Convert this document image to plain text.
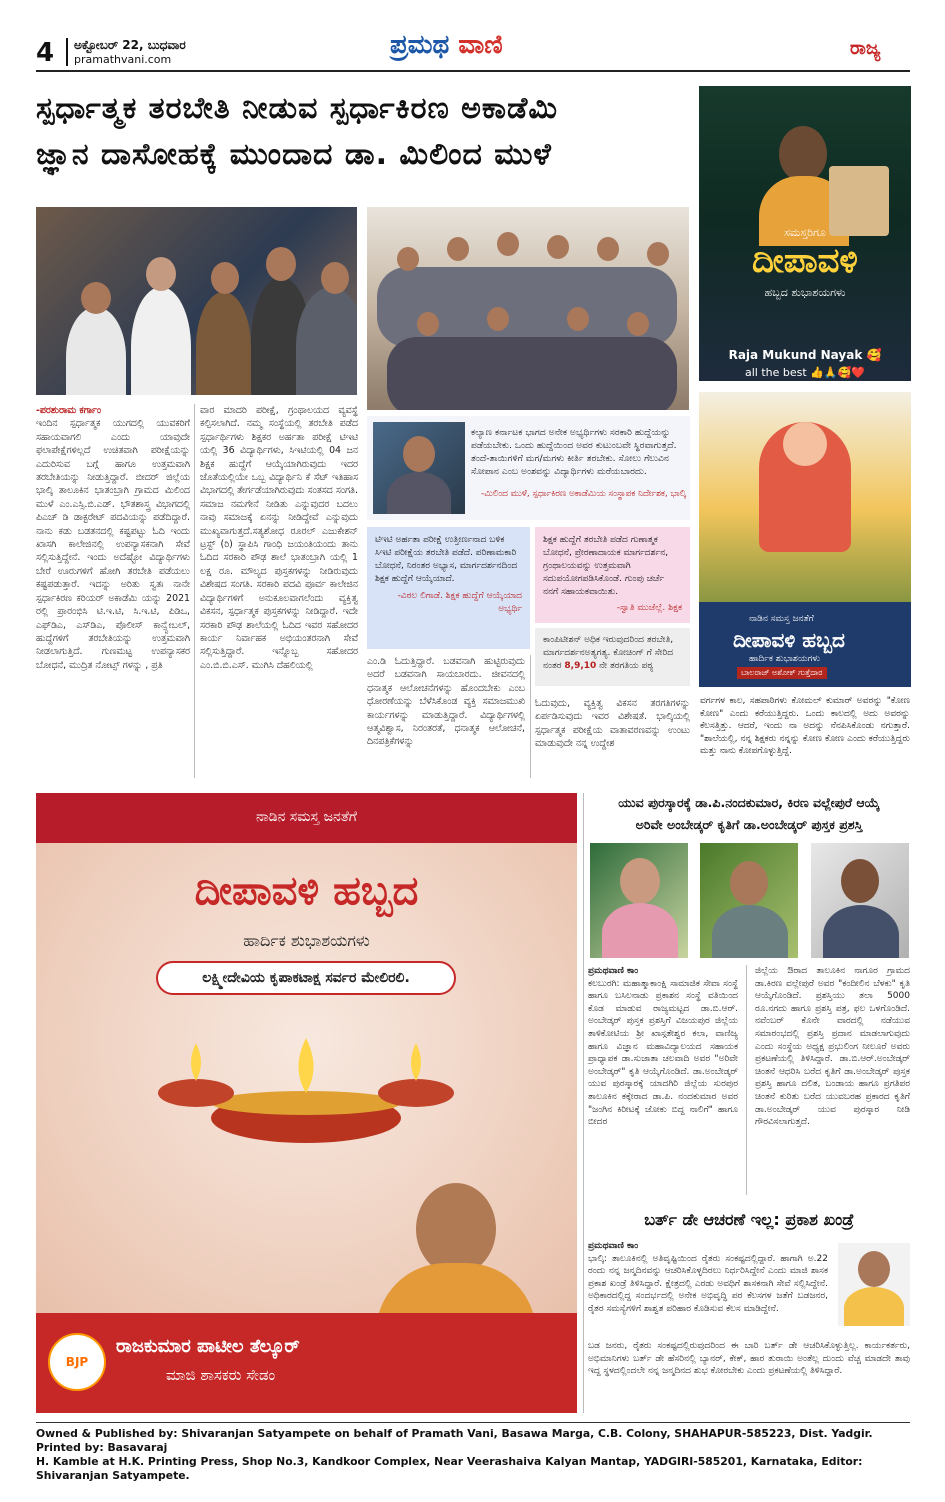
4 ಅಕ್ಟೋಬರ್ 22, ಬುಧವಾರ
pramathvani.com	ಪ್ರಮಥ ವಾಣಿ	ರಾಜ್ಯ
ಸ್ಪರ್ಧಾತ್ಮಕ ತರಬೇತಿ ನೀಡುವ ಸ್ಪರ್ಧಾಕಿರಣ ಅಕಾಡೆಮಿ
ಜ್ಞಾನ ದಾಸೋಹಕ್ಕೆ ಮುಂದಾದ ಡಾ. ಮಿಲಿಂದ ಮುಳೆ
-ಪರಶುರಾಮ ಕರ್ಗಾಂ
ಇಂದಿನ ಸ್ಪರ್ಧಾತ್ಮಕ ಯುಗದಲ್ಲಿ ಯುವಕರಿಗೆ ಸಹಾಯವಾಗಲಿ ಎಂದು ಯಾವುದೇ ಫಲಾಪೇಕ್ಷೆಗಳಿಲ್ಲದೆ ಉಚಿತವಾಗಿ ಪರೀಕ್ಷೆಯನ್ನು ಎದುರಿಸುವ ಬಗ್ಗೆ ಹಾಗೂ ಉತ್ತಮವಾಗಿ ತರಬೇತಿಯನ್ನು ನೀಡುತ್ತಿದ್ದಾರೆ. ಬೀದರ್ ಜಿಲ್ಲೆಯ ಭಾಲ್ಕಿ ತಾಲೂಕಿನ ಭಾತಂಬ್ರಾಗಿ ಗ್ರಾಮದ ಮಿಲಿಂದ ಮುಳೆ ಎಂ.ಎಸ್ಸಿ.ಬಿ.ಎಡ್. ಭೌತಶಾಸ್ತ್ರ ವಿಭಾಗದಲ್ಲಿ ಪಿಎಚ್‌ ಡಿ ಡಾಕ್ಟರೇಟ್ ಪದವಿಯನ್ನು ಪಡೆದಿದ್ದಾರೆ. ನಾನು ಕಡು ಬಡತನದಲ್ಲಿ ಕಷ್ಟಪಟ್ಟು ಓದಿ ಇಂದು ಖಾಸಗಿ ಕಾಲೇಜಿನಲ್ಲಿ ಉಪನ್ಯಾಸಕನಾಗಿ ಸೇವೆ ಸಲ್ಲಿಸುತ್ತಿದ್ದೇನೆ. ಇಂದು ಅದೆಷ್ಟೋ ವಿದ್ಯಾರ್ಥಿಗಳು ಬೇರೆ ಊರುಗಳಿಗೆ ಹೋಗಿ ತರಬೇತಿ ಪಡೆಯಲು ಕಷ್ಟಪಡುತ್ತಾರೆ. ಇದನ್ನು ಅರಿತು ಸ್ವತಃ ನಾನೇ ಸ್ಪರ್ಧಾಕಿರಣ ಕರಿಯರ್ ಅಕಾಡೆಮಿ ಯನ್ನು 2021 ರಲ್ಲಿ ಪ್ರಾರಂಭಿಸಿ ಟಿ.ಇ.ಟಿ, ಸಿ.ಇ.ಟಿ, ಪಿಡಿಒ, ಎಫ್‌ಡಿಎ, ಎಸ್‌ಡಿಎ, ಪೊಲೀಸ್ ಕಾನ್ಸ್ಟೇಬಲ್, ಹುದ್ದೆಗಳಿಗೆ ತರಬೇತಿಯನ್ನು ಉತ್ತಮವಾಗಿ ನೀಡಲಾಗುತ್ತಿದೆ. ಗುಣಮಟ್ಟ ಉಪನ್ಯಾಸಕರ ಬೋಧನೆ, ಮುದ್ರಿತ ನೋಟ್ಸ್ ಗಳನ್ನು , ಪ್ರತಿ
ವಾರ ಮಾದರಿ ಪರೀಕ್ಷೆ, ಗ್ರಂಥಾಲಯದ ವ್ಯವಸ್ಥೆ ಕಲ್ಪಿಸಲಾಗಿದೆ. ನಮ್ಮ ಸಂಸ್ಥೆಯಲ್ಲಿ ತರಬೇತಿ ಪಡೆದ ಸ್ಪರ್ಧಾರ್ಥಿಗಳು ಶಿಕ್ಷಕರ ಅರ್ಹತಾ ಪರೀಕ್ಷೆ ಟಿಇಟಿ ಯಲ್ಲಿ 36 ವಿದ್ಯಾರ್ಥಿಗಳು, ಸಿಇಟಿಯಲ್ಲಿ 04 ಜನ ಶಿಕ್ಷಕ ಹುದ್ದೆಗೆ ಆಯ್ಕೆಯಾಗಿರುವುದು ಇದರ ಜೊತೆಯಲ್ಲಿಯೇ ಒಬ್ಬ ವಿದ್ಯಾರ್ಥಿನಿ ಕೆ ಸೆಟ್ ಇತಿಹಾಸ ವಿಭಾಗದಲ್ಲಿ ತೇರ್ಗಡೆಯಾಗಿರುವುದು ಸಂತಸದ ಸಂಗತಿ. ಸಮಾಜ ನಮಗೇನೆ ನೀಡಿತು ಎನ್ನುವುದರ ಬದಲು ನಾವು ಸಮಾಜಕ್ಕೆ ಏನನ್ನು ನೀಡಿದ್ದೇವೆ ಎನ್ನುವುದು ಮುಖ್ಯವಾಗುತ್ತದೆ.ಸತ್ಯಶೋಧ ರೂರಲ್ ಎಜುಕೇಶನ್ ಟ್ರಸ್ಟ್ (ರಿ) ಸ್ಥಾಪಿಸಿ ಗಾಂಧಿ ಜಯಂತಿಯಂದು ತಾನು ಓದಿದ ಸರಕಾರಿ ಪೌಢ ಶಾಲೆ ಭಾತಂಬ್ರಾಗಿ ಯಲ್ಲಿ 1 ಲಕ್ಷ ರೂ. ಮೌಲ್ಯದ ಪುಸ್ತಕಗಳನ್ನು ನೀಡಿರುವುದು ವಿಶೇಷದ ಸಂಗತಿ. ಸರಕಾರಿ ಪದವಿ ಪೂರ್ವ ಕಾಲೇಜಿನ ವಿದ್ಯಾರ್ಥಿಗಳಿಗೆ ಅನುಕೂಲವಾಗಲೆಂದು ವ್ಯಕ್ತಿತ್ವ ವಿಕಸನ, ಸ್ಪರ್ಧಾತ್ಮಕ ಪುಸ್ತಕಗಳನ್ನು ನೀಡಿದ್ದಾರೆ. ಇದೇ ಸರಕಾರಿ ಪೌಢ ಶಾಲೆಯಲ್ಲಿ ಓದಿದ ಇವರ ಸಹೋದರ ಕಾರ್ಯ ನಿರ್ವಾಹಕ ಅಭಿಯಂತರನಾಗಿ ಸೇವೆ ಸಲ್ಲಿಸುತ್ತಿದ್ದಾರೆ. ಇನ್ನೊಬ್ಬ ಸಹೋದರ ಎಂ.ಬಿ.ಬಿ.ಎಸ್. ಮುಗಿಸಿ ದೆಹಲಿಯಲ್ಲಿ
ಕಲ್ಯಾಣ ಕರ್ನಾಟಕ ಭಾಗದ ಅನೇಕ ಅಭ್ಯರ್ಥಿಗಳು ಸರಕಾರಿ ಹುದ್ದೆಯನ್ನು ಪಡೆಯಬೇಕು. ಒಂದು ಹುದ್ದೆಯಿಂದ ಅವರ ಕುಟುಂಬವೇ ಸ್ಥಿರವಾಗುತ್ತದೆ. ತಂದೆ-ತಾಯಿಗಳಿಗೆ ಮಗ/ಮಗಳು ಕೀರ್ತಿ ತರಬೇಕು. ಸೋಲು ಗೆಲುವಿನ ಸೋಪಾನ ಎಂಬ ಅಂಶವನ್ನು ವಿದ್ಯಾರ್ಥಿಗಳು ಮರೆಯಬಾರದು.
-ಮಿಲಿಂದ ಮುಳೆ, ಸ್ಪರ್ಧಾಕಿರಣ ಅಕಾಡೆಮಿಯ ಸಂಸ್ಥಾಪಕ ನಿರ್ದೇಶಕ, ಭಾಲ್ಕಿ
ಟಿಇಟಿ ಅರ್ಹತಾ ಪರೀಕ್ಷೆ ಉತ್ತೀರ್ಣನಾದ ಬಳಿಕ ಸಿಇಟಿ ಪರೀಕ್ಷೆಯ ತರಬೇತಿ ಪಡೆದೆ. ಪರಿಣಾಮಕಾರಿ ಬೋಧನೆ, ನಿರಂತರ ಅಭ್ಯಾಸ, ಮಾರ್ಗದರ್ಶನದಿಂದ ಶಿಕ್ಷಕ ಹುದ್ದೆಗೆ ಆಯ್ಕೆಯಾದೆ.
-ವಿಠಲ ಲಿಗಾಡೆ. ಶಿಕ್ಷಕ ಹುದ್ದೆಗೆ ಆಯ್ಕೆಯಾದ ಅಭ್ಯರ್ಥಿ
ಶಿಕ್ಷಕ ಹುದ್ದೆಗೆ ತರಬೇತಿ ಪಡೆದ ಗುಣಾತ್ಮಕ ಬೋಧನೆ, ಪ್ರೇರಣಾದಾಯಕ ಮಾರ್ಗದರ್ಶನ, ಗ್ರಂಥಾಲಯವನ್ನು ಉತ್ತಮವಾಗಿ ಸದುಪಯೋಗಪಡಿಸಿಕೊಂಡೆ. ಗುಂಪು ಚರ್ಚೆ ನನಗೆ ಸಹಾಯಕವಾಯಿತು.
-ಸ್ವಾತಿ ಮುಜೆಲ್ಲೆ. ಶಿಕ್ಷಕ
ಕಾಂಪಿಟೀಶನ್ ಅಧಿಕ ಇರುವುದರಿಂದ ತರಬೇತಿ, ಮಾರ್ಗದರ್ಶನಅತ್ಯಗತ್ಯ. ಕೋಚಿಂಗ್ ಗೆ ಸೇರಿದ ನಂತರ 8,9,10 ನೇ ತರಗತಿಯ ಪಠ್ಯ
ಎಂ.ಡಿ ಓದುತ್ತಿದ್ದಾರೆ. ಬಡವನಾಗಿ ಹುಟ್ಟಿರುವುದು ಅದರೆ ಬಡವನಾಗಿ ಸಾಯಬಾರದು. ಜೀವನದಲ್ಲಿ ಧನಾತ್ಮಕ ಆಲೋಚನೆಗಳನ್ನು ಹೊಂದಬೇಕು ಎಂಬ ಧೋರಣೆಯನ್ನು ಬೆಳೆಸಿಕೊಂಡ ವ್ಯಕ್ತಿ ಸಮಾಜಮುಖಿ ಕಾರ್ಯಗಳನ್ನು ಮಾಡುತ್ತಿದ್ದಾರೆ. ವಿದ್ಯಾರ್ಥಿಗಳಲ್ಲಿ ಆತ್ಮವಿಶ್ವಾಸ, ನಿರಂತರತೆ, ಧನಾತ್ಮಕ ಆಲೋಚನೆ, ದಿನಪತ್ರಿಕೆಗಳನ್ನು
ಓದುವುದು, ವ್ಯಕ್ತಿತ್ವ ವಿಕಸನ ತರಗತಿಗಳನ್ನು ಏರ್ಪಡಿಸುವುದು ಇವರ ವಿಶೇಷತೆ. ಭಾಲ್ಕಿಯಲ್ಲಿ ಸ್ಪರ್ಧಾತ್ಮಕ ಪರೀಕ್ಷೆಯ ವಾತಾವರಣವನ್ನು ಉಂಟು ಮಾಡುವುದೇ ನನ್ನ ಉದ್ದೇಶ
ಸಮಸ್ತರಿಗೂ
ದೀಪಾವಳಿ
ಹಬ್ಬದ ಶುಭಾಶಯಗಳು
Raja Mukund Nayak 🥰
all the best 👍🙏🥰❤️
ನಾಡಿನ ಸಮಸ್ತ ಜನತೆಗೆ
ದೀಪಾವಳಿ ಹಬ್ಬದ
ಹಾರ್ದಿಕ ಶುಭಾಶಯಗಳು
ಬಾಲರಾಜ್ ಅಶೋಕ್ ಗುತ್ತೆದಾರ
ವರ್ಗಗಳ ಕಾಲ, ಸಹಪಾಠಿಗಳು ಕೋಮಲ್ ಕುಮಾರ್ ಅವರನ್ನು "ಕೋಣ ಕೋಣ" ಎಂದು ಕರೆಯುತ್ತಿದ್ದರು. ಒಂದು ಕಾಲದಲ್ಲಿ ಅದು ಅವರನ್ನು ಕೆಲಸತ್ತಿತ್ತು. ಆದರೆ, ಇಂದು ನಾ ಅದನ್ನು ನೆನಪಿಸಿಕೊಂಡು ನಗುತ್ತಾರೆ. "ಶಾಲೆಯಲ್ಲಿ, ನನ್ನ ಶಿಕ್ಷಕರು ನನ್ನನ್ನು ಕೋಣ ಕೋಣ ಎಂದು ಕರೆಯುತ್ತಿದ್ದರು ಮತ್ತು ನಾನು ಕೋಪಗೊಳ್ಳುತ್ತಿದ್ದೆ.
ನಾಡಿನ ಸಮಸ್ತ ಜನತೆಗೆ
ದೀಪಾವಳಿ ಹಬ್ಬದ
ಹಾರ್ದಿಕ ಶುಭಾಶಯಗಳು
ಲಕ್ಷ್ಮೀದೇವಿಯ ಕೃಪಾಕಟಾಕ್ಷ ಸರ್ವರ ಮೇಲಿರಲಿ.
BJP
ರಾಜಕುಮಾರ ಪಾಟೀಲ ತೆಲ್ಕೂರ್
ಮಾಜಿ ಶಾಸಕರು ಸೇಡಂ
ಯುವ ಪುರಸ್ಕಾರಕ್ಕೆ ಡಾ.ಪಿ.ನಂದಕುಮಾರ, ಕಿರಣ ವಲ್ಲೇಪುರೆ ಆಯ್ಕೆ
ಅರಿವೇ ಅಂಬೇಡ್ಕರ್ ಕೃತಿಗೆ ಡಾ.ಅಂಬೇಡ್ಕರ್ ಪುಸ್ತಕ ಪ್ರಶಸ್ತಿ
ಪ್ರಮಥವಾಣಿ ಕಾಂ
ಕಲಬುರಗಿ: ಮಹಾತ್ಮಾಕಾಂಕ್ಷಿ ಸಾಮಾಜಿಕ ಸೇವಾ ಸಂಸ್ಥೆ ಹಾಗೂ ಬಸಿಲನಾಡು ಪ್ರಕಾಶನ ಸಂಸ್ಥೆ ವತಿಯಿಂದ ಕೊಡ ಮಾಡುವ ರಾಜ್ಯಮಟ್ಟದ ಡಾ.ಬಿ.ಆರ್. ಅಂಬೇಡ್ಕರ್ ಪುಸ್ತಕ ಪ್ರಶಸ್ತಿಗೆ ವಿಜಯಪುರ ಜಿಲ್ಲೆಯ ತಾಳಿಕೋಟಿಯ ಶ್ರೀ ಖಾಸ್ಗತೇಶ್ವರ ಕಲಾ, ವಾಣಿಜ್ಯ ಹಾಗೂ ವಿಜ್ಞಾನ ಮಹಾವಿದ್ಯಾಲಯದ ಸಹಾಯಕ ಪ್ರಾಧ್ಯಾಪಕ ಡಾ.ಸುಜಾತಾ ಚಲವಾದಿ ಅವರ "ಅರಿವೇ ಅಂಬೇಡ್ಕರ್" ಕೃತಿ ಆಯ್ಕೆಗೊಂಡಿದೆ. ಡಾ.ಅಂಬೇಡ್ಕರ್ ಯುವ ಪುರಸ್ಕಾರಕ್ಕೆ ಯಾದಗಿರಿ ಜಿಲ್ಲೆಯ ಸುರಪುರ ತಾಲೂಕಿನ ಕಕ್ಕೇರಾದ ಡಾ.ಪಿ. ನಂದಕುಮಾರ ಅವರ "ಜಂಗಿನ ಕಿರೀಟಕ್ಕೆ ಜೋಕು ಬಿದ್ದ ನಾಲಿಗೆ" ಹಾಗೂ ಬೀದರ
ಜಿಲ್ಲೆಯ ಔರಾದ ತಾಲೂಕಿನ ನಾಗೂರ ಗ್ರಾಮದ ಡಾ.ಕಿರಣ ವಲ್ಲೇಪುರೆ ಅವರ "ಕಂದೀಲಿನ ಬೆಳಕು" ಕೃತಿ ಆಯ್ಕೆಗೊಂಡಿದೆ. ಪ್ರಶಸ್ತಿಯು ತಲಾ 5000 ರೂ.ನಗದು ಹಾಗೂ ಪ್ರಶಸ್ತಿ ಪತ್ರ, ಫಲ ಒಳಗೊಂಡಿದೆ. ನವೆಂಬರ್ ಕೊನೇ ವಾರದಲ್ಲಿ ನಡೆಯುವ ಸಮಾರಂಭದಲ್ಲಿ ಪ್ರಶಸ್ತಿ ಪ್ರದಾನ ಮಾಡಲಾಗುವುದು ಎಂದು ಸಂಸ್ಥೆಯ ಅಧ್ಯಕ್ಷ ಪ್ರಭುಲಿಂಗ ನೀಲೂರೆ ಅವರು ಪ್ರಕಟಣೆಯಲ್ಲಿ ತಿಳಿಸಿದ್ದಾರೆ. ಡಾ.ಬಿ.ಆರ್.ಅಂಬೇಡ್ಕರ್ ಚಿಂತನೆ ಆಧರಿಸಿ ಬರೆದ ಕೃತಿಗೆ ಡಾ.ಅಂಬೇಡ್ಕರ್ ಪುಸ್ತಕ ಪ್ರಶಸ್ತಿ ಹಾಗೂ ದಲಿತ, ಬಂಡಾಯ ಹಾಗೂ ಪ್ರಗತಿಪರ ಚಿಂತನೆ ಕುರಿತು ಬರೆದ ಯುವಬರಹ ಪ್ರಕಾರದ ಕೃತಿಗೆ ಡಾ.ಅಂಬೇಡ್ಕರ್ ಯುವ ಪುರಸ್ಕಾರ ನೀಡಿ ಗೌರವಿಸಲಾಗುತ್ತದೆ.
ಬರ್ತ್ ಡೇ ಆಚರಣೆ ಇಲ್ಲ: ಪ್ರಕಾಶ ಖಂಡ್ರೆ
ಪ್ರಮಥವಾಣಿ ಕಾಂ
ಭಾಲ್ಕಿ: ತಾಲೂಕಿನಲ್ಲಿ ಅತಿವೃಷ್ಟಿಯಿಂದ ರೈತರು ಸಂಕಷ್ಟದಲ್ಲಿದ್ದಾರೆ. ಹಾಗಾಗಿ ಅ.22 ರಂದು ನನ್ನ ಜನ್ಮದಿನವನ್ನು ಆಚರಿಸಿಕೊಳ್ಳದಿರಲು ನಿರ್ಧರಿಸಿದ್ದೇನೆ ಎಂದು ಮಾಜಿ ಶಾಸಕ ಪ್ರಕಾಶ ಖಂಡ್ರೆ ತಿಳಿಸಿದ್ದಾರೆ. ಕ್ಷೇತ್ರದಲ್ಲಿ ಎರಡು ಅವಧಿಗೆ ಶಾಸಕನಾಗಿ ಸೇವೆ ಸಲ್ಲಿಸಿದ್ದೇನೆ. ಅಧಿಕಾರದಲ್ಲಿದ್ದ ಸಂದರ್ಭದಲ್ಲಿ ಅನೇಕ ಅಭಿವೃದ್ಧಿ ಪರ ಕೆಲಸಗಳ ಜತೆಗೆ ಬಡಜನರ, ರೈತರ ಸಮಸ್ಯೆಗಳಿಗೆ ಶಾಶ್ವತ ಪರಿಹಾರ ಕೊಡಿಸುವ ಕೆಲಸ ಮಾಡಿದ್ದೇನೆ.
ಬಡ ಜನರು, ರೈತರು ಸಂಕಷ್ಟದಲ್ಲಿರುವುದರಿಂದ ಈ ಬಾರಿ ಬರ್ತ್ ಡೇ ಆಚರಿಸಿಕೊಳ್ಳುತ್ತಿಲ್ಲ. ಕಾರ್ಯಕರ್ತರು, ಅಭಿಮಾನಿಗಳು ಬರ್ತ್ ಡೇ ಹೆಸರಿನಲ್ಲಿ ಬ್ಯಾನರ್, ಕೇಕ್, ಹಾರ ತುರಾಯಿ ಅಂತೆಲ್ಲ ದುಂದು ವೆಚ್ಚ ಮಾಡದೇ ತಾವು ಇದ್ದ ಸ್ಥಳದಲ್ಲಿಂದಲೇ ನನ್ನ ಜನ್ಮದಿನದ ಶುಭ ಕೋರಬೇಕು ಎಂದು ಪ್ರಕಟಣೆಯಲ್ಲಿ ತಿಳಿಸಿದ್ದಾರೆ.
Owned & Published by: Shivaranjan Satyampete on behalf of Pramath Vani, Basawa Marga, C.B. Colony, SHAHAPUR-585223, Dist. Yadgir. Printed by: Basavaraj
H. Kamble at H.K. Printing Press, Shop No.3, Kandkoor Complex, Near Veerashaiva Kalyan Mantap, YADGIRI-585201, Karnataka, Editor: Shivaranjan Satyampete.
